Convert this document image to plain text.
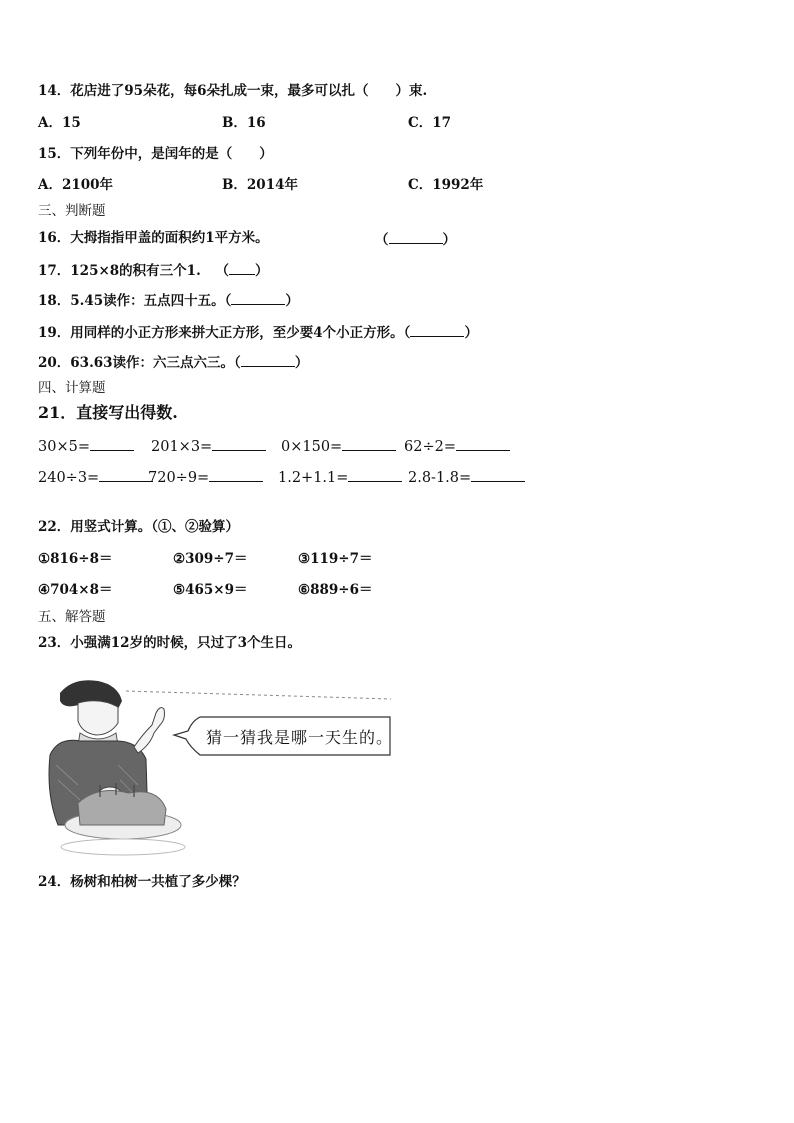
14．花店进了95朵花，每6朵扎成一束，最多可以扎（　　）束.
A．15	B．16	C．17
15．下列年份中，是闰年的是（　　）
A．2100年	B．2014年	C．1992年
三、判断题
16．大拇指指甲盖的面积约1平方米。	（	）
17．125×8的积有三个1. （ ）
18．5.45读作：五点四十五。（	）
19．用同样的小正方形来拼大正方形，至少要4个小正方形。（	）
20．63.63读作：六三点六三。（	）
四、计算题
21．直接写出得数.
30×5=	201×3=	0×150=	62÷2=
240÷3=	720÷9=	1.2+1.1=	2.8-1.8=
22．用竖式计算。（①、②验算）
①816÷8＝	②309÷7＝	③119÷7＝
④704×8＝	⑤465×9＝	⑥889÷6＝
五、解答题
23．小强满12岁的时候，只过了3个生日。
猜一猜我是哪一天生的。
24．杨树和柏树一共植了多少棵？
